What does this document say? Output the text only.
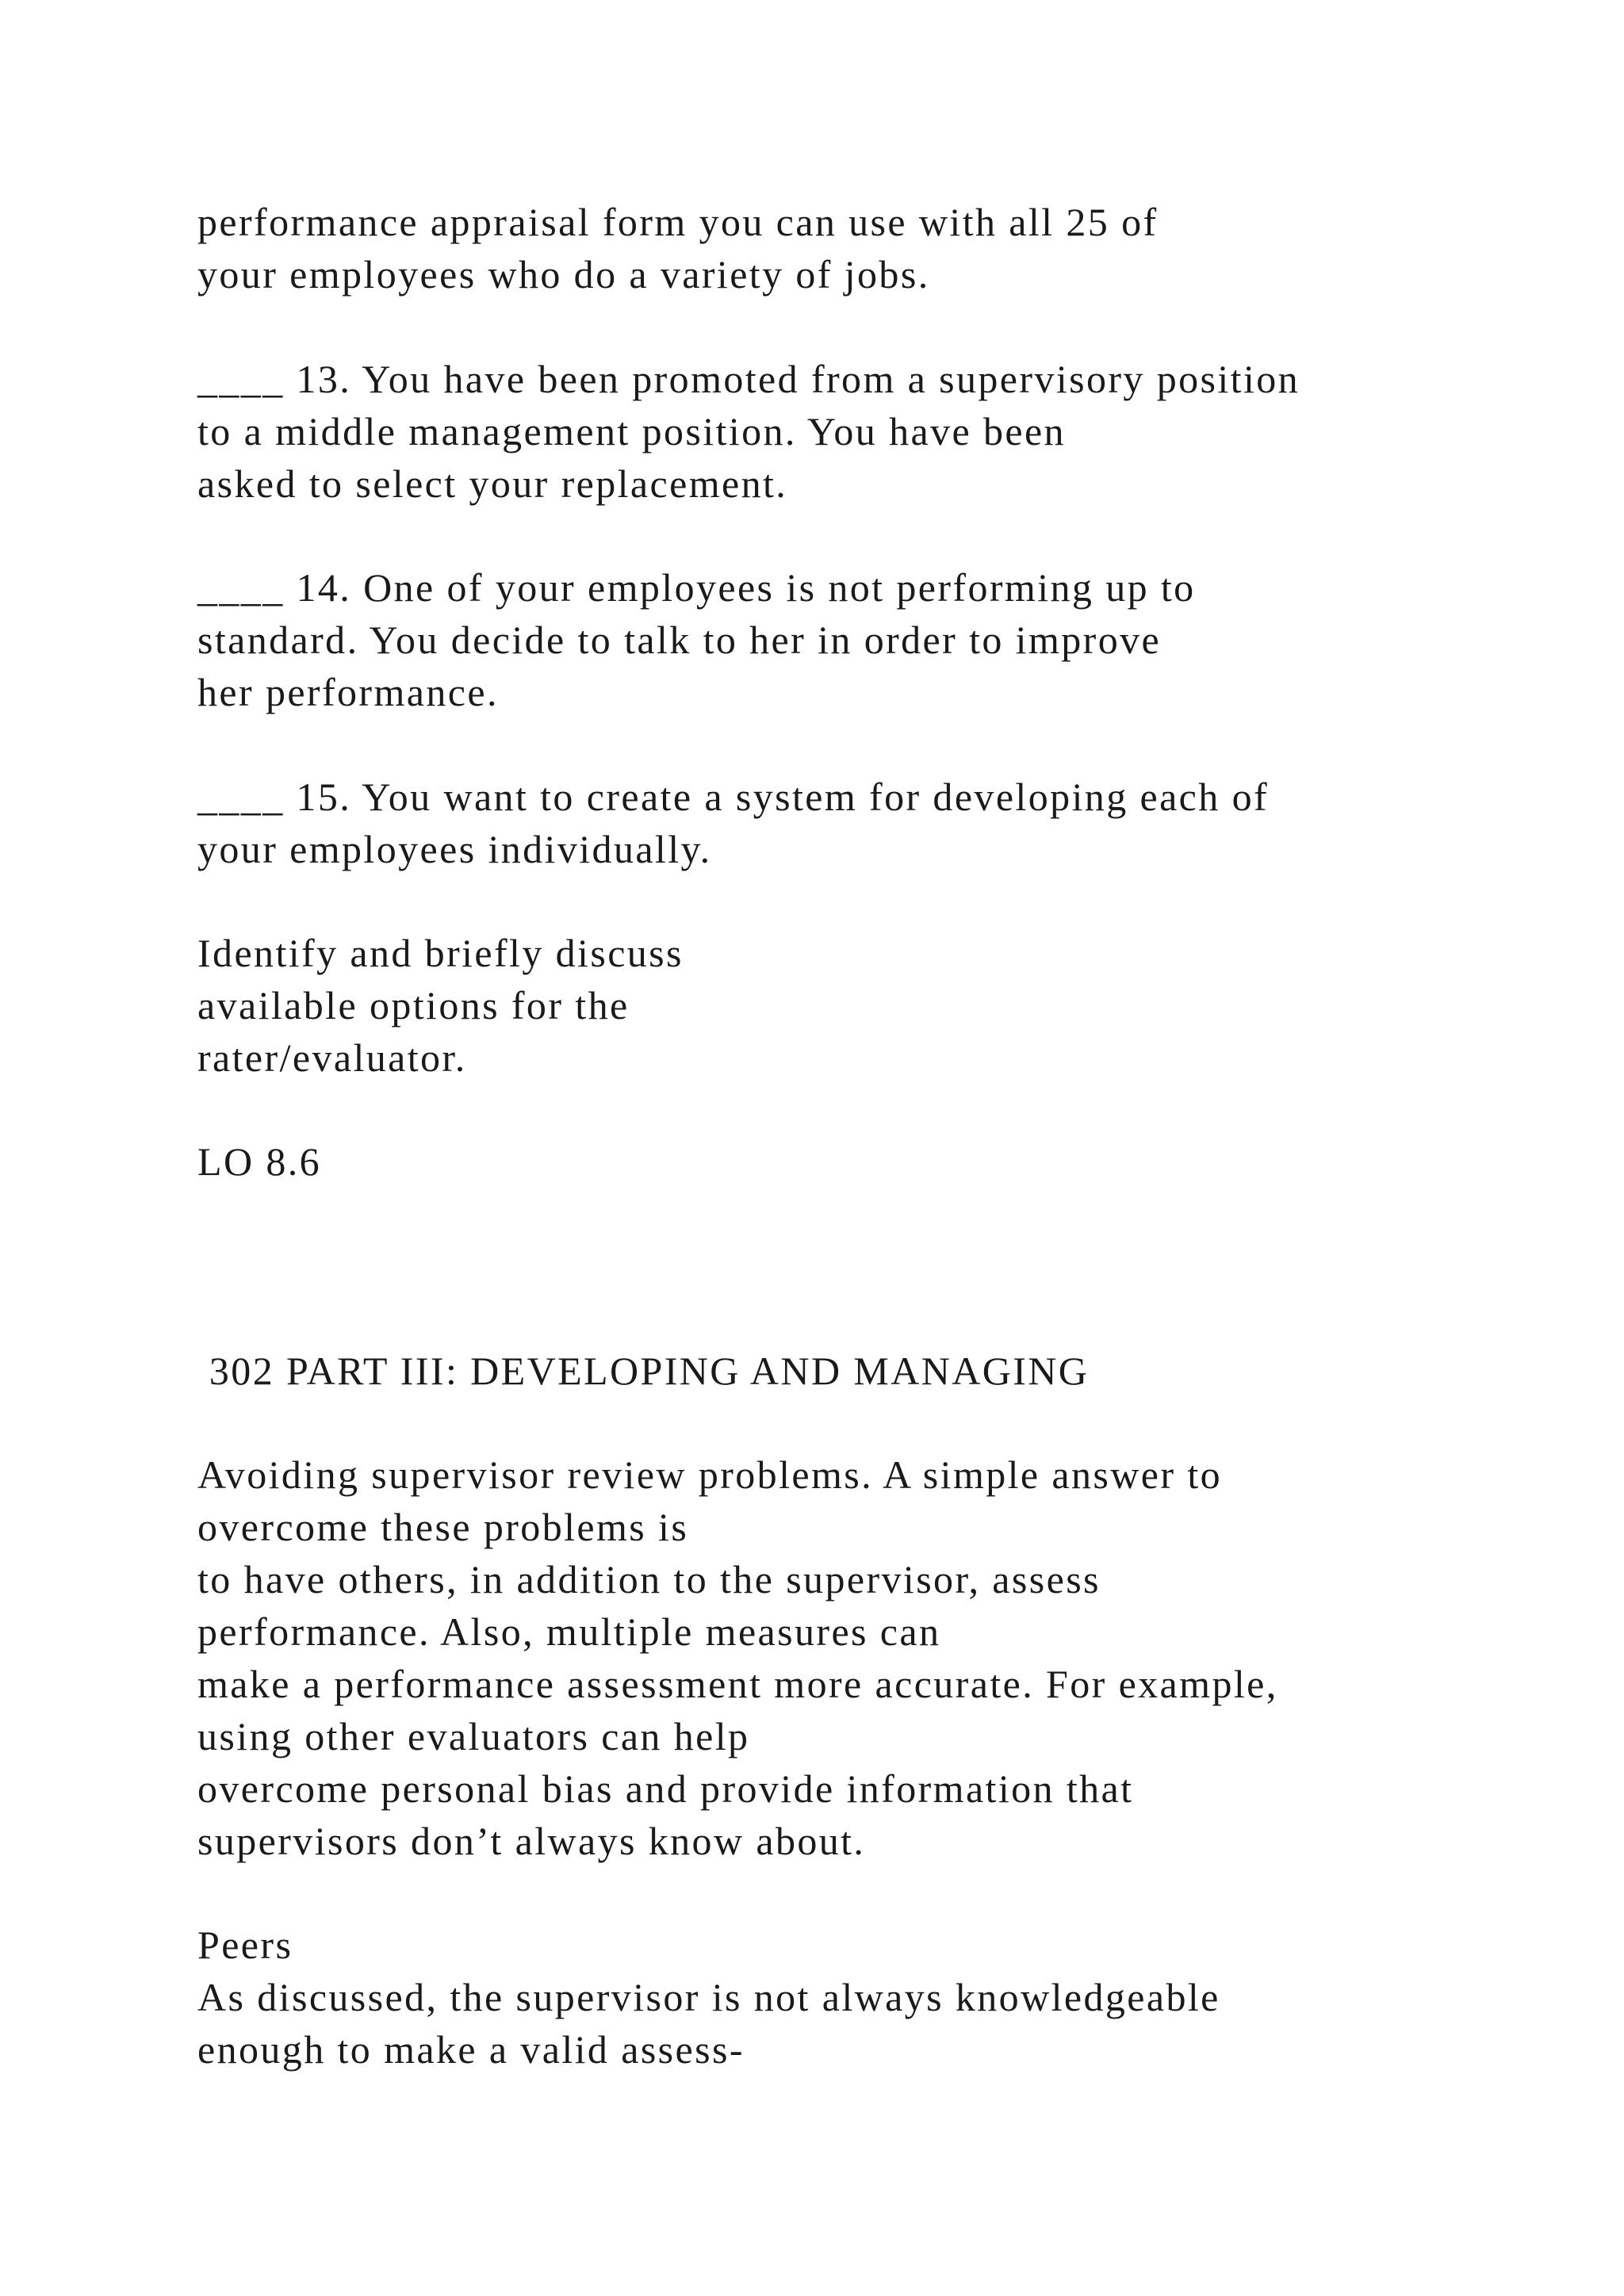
performance appraisal form you can use with all 25 of
your employees who do a variety of jobs.
____ 13. You have been promoted from a supervisory position
to a middle management position. You have been
asked to select your replacement.
____ 14. One of your employees is not performing up to
standard. You decide to talk to her in order to improve
her performance.
____ 15. You want to create a system for developing each of
your employees individually.
Identify and briefly discuss
available options for the
rater/evaluator.
LO 8.6
302 PART III: DEVELOPING AND MANAGING
Avoiding supervisor review problems. A simple answer to
overcome these problems is
to have others, in addition to the supervisor, assess
performance. Also, multiple measures can
make a performance assessment more accurate. For example,
using other evaluators can help
overcome personal bias and provide information that
supervisors don’t always know about.
Peers
As discussed, the supervisor is not always knowledgeable
enough to make a valid assess-
